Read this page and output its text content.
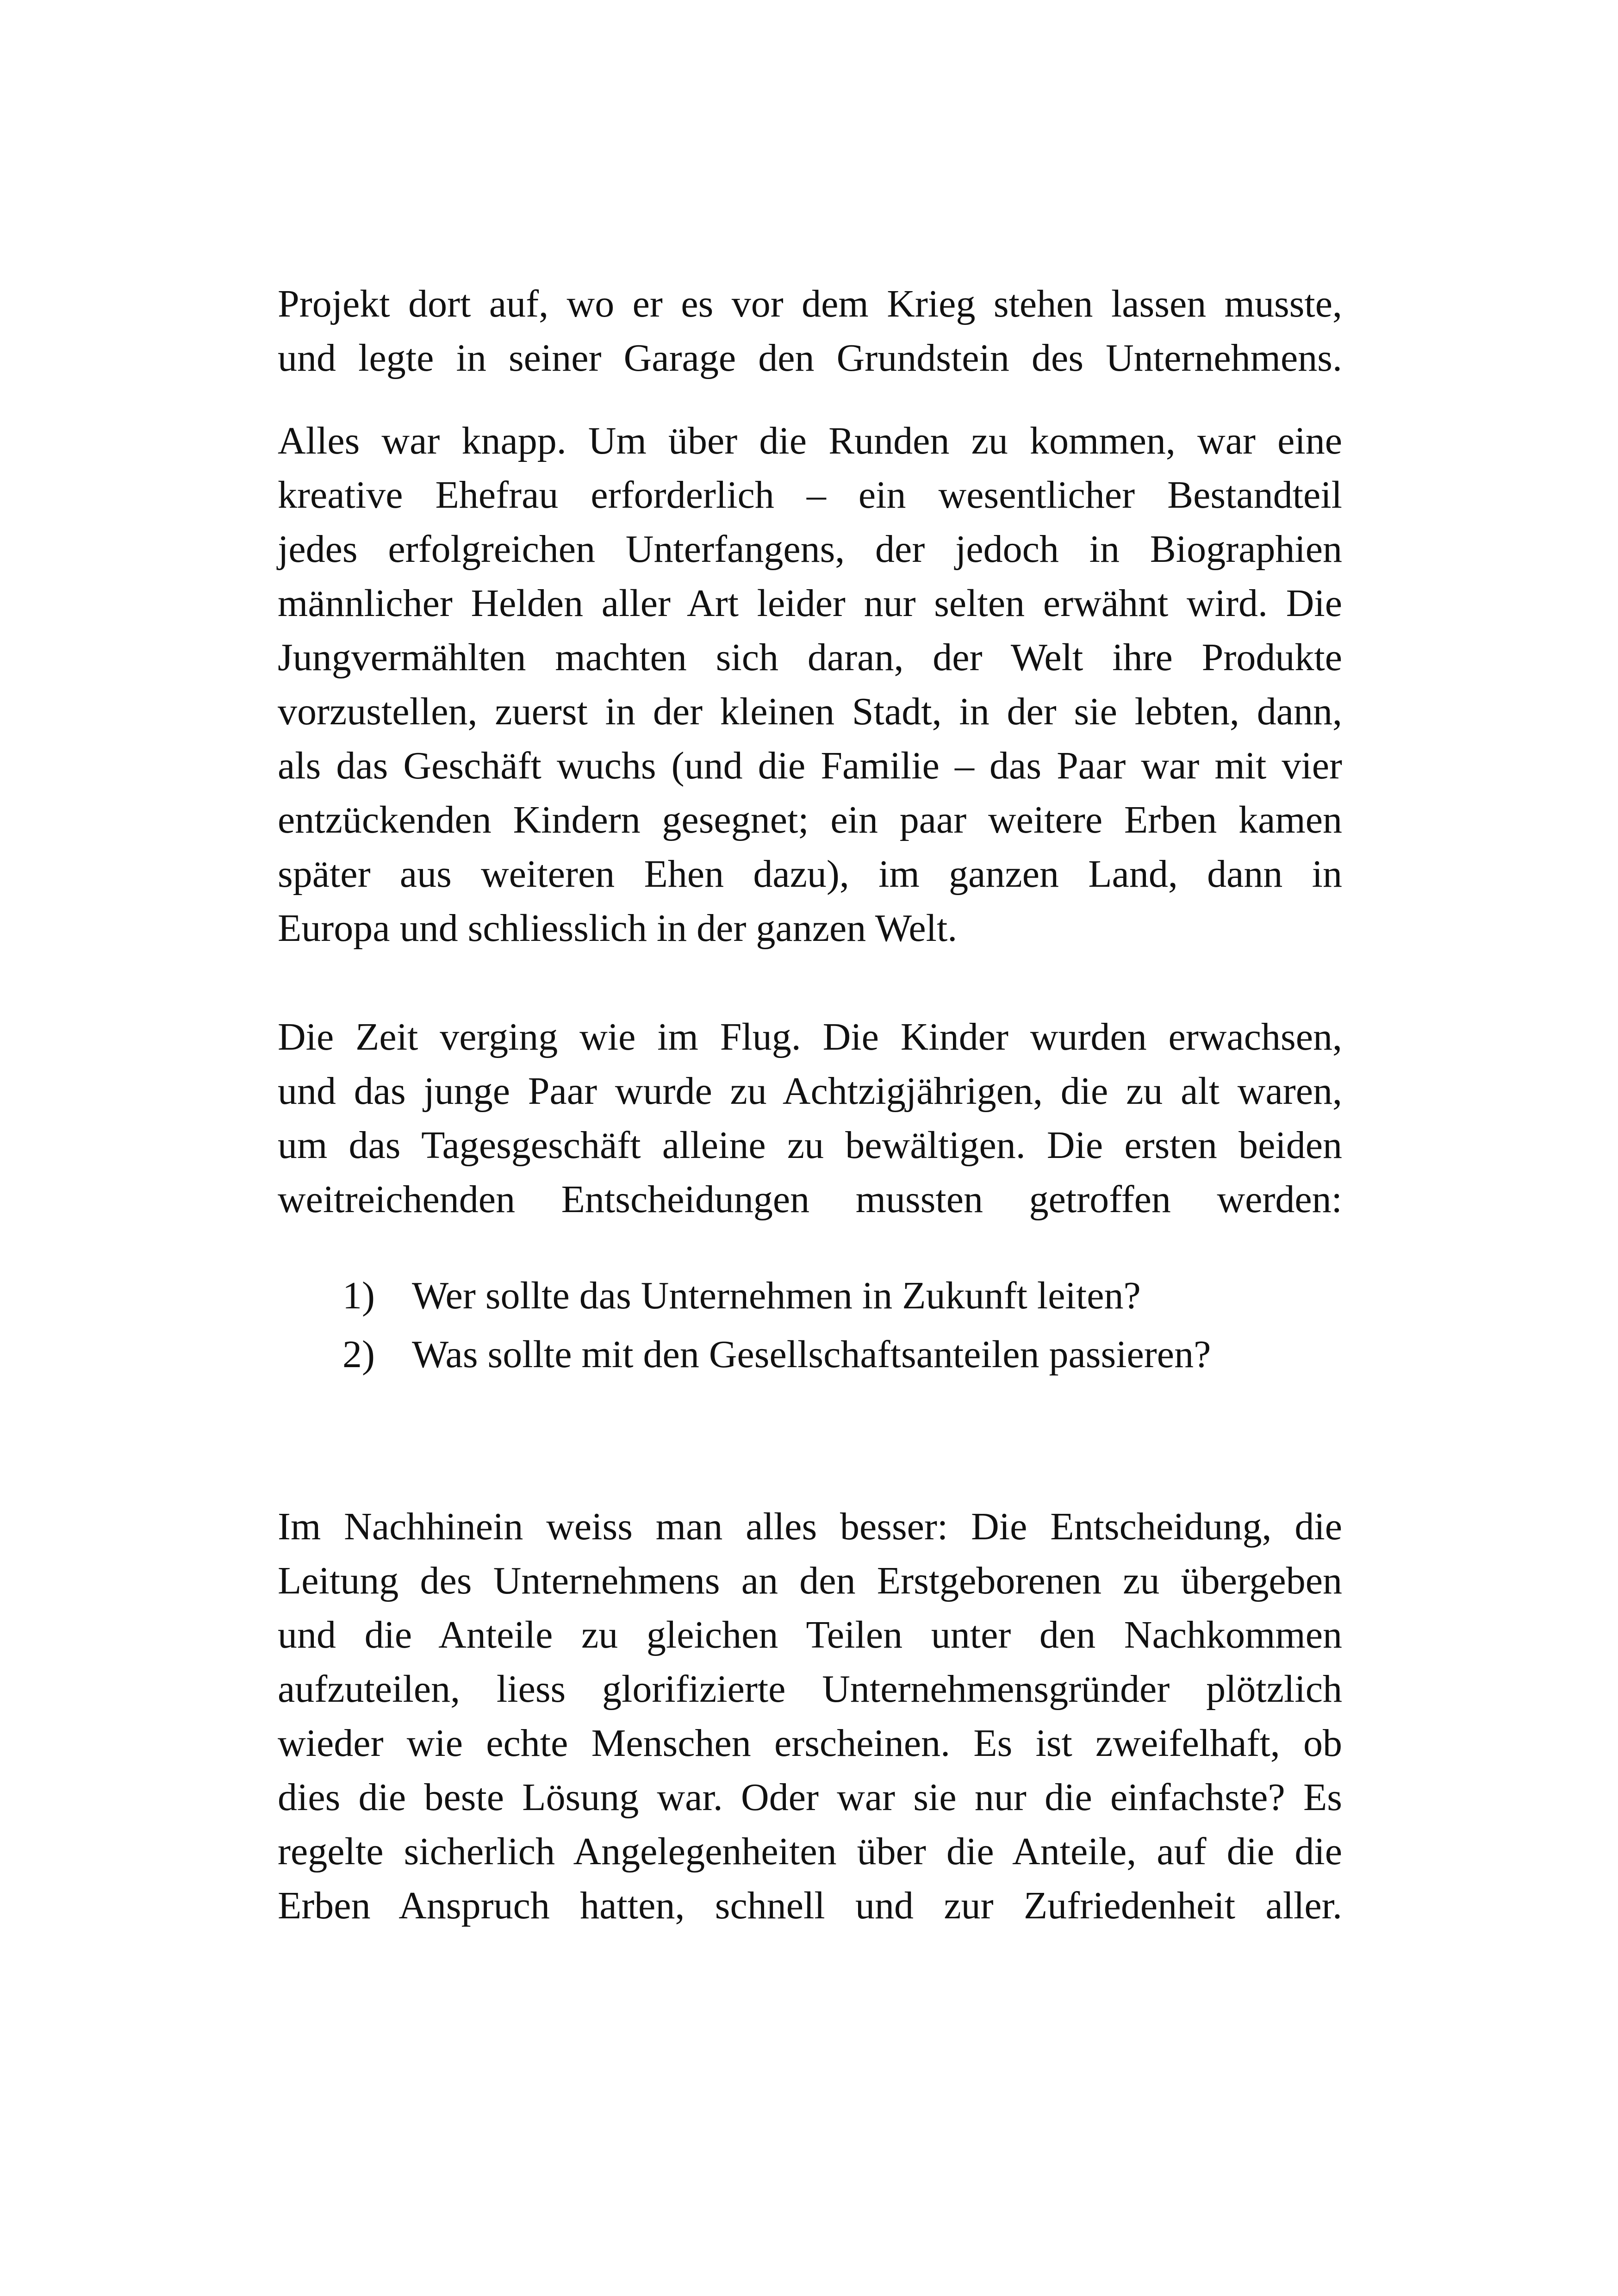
Projekt dort auf, wo er es vor dem Krieg stehen lassen musste,
und legte in seiner Garage den Grundstein des Unternehmens.
Alles war knapp. Um über die Runden zu kommen, war eine
kreative Ehefrau erforderlich – ein wesentlicher Bestandteil
jedes erfolgreichen Unterfangens, der jedoch in Biographien
männlicher Helden aller Art leider nur selten erwähnt wird. Die
Jungvermählten machten sich daran, der Welt ihre Produkte
vorzustellen, zuerst in der kleinen Stadt, in der sie lebten, dann,
als das Geschäft wuchs (und die Familie – das Paar war mit vier
entzückenden Kindern gesegnet; ein paar weitere Erben kamen
später aus weiteren Ehen dazu), im ganzen Land, dann in
Europa und schliesslich in der ganzen Welt.
Die Zeit verging wie im Flug. Die Kinder wurden erwachsen,
und das junge Paar wurde zu Achtzigjährigen, die zu alt waren,
um das Tagesgeschäft alleine zu bewältigen. Die ersten beiden
weitreichenden Entscheidungen mussten getroffen werden:
1) Wer sollte das Unternehmen in Zukunft leiten?
2) Was sollte mit den Gesellschaftsanteilen passieren?
Im Nachhinein weiss man alles besser: Die Entscheidung, die
Leitung des Unternehmens an den Erstgeborenen zu übergeben
und die Anteile zu gleichen Teilen unter den Nachkommen
aufzuteilen, liess glorifizierte Unternehmensgründer plötzlich
wieder wie echte Menschen erscheinen. Es ist zweifelhaft, ob
dies die beste Lösung war. Oder war sie nur die einfachste? Es
regelte sicherlich Angelegenheiten über die Anteile, auf die die
Erben Anspruch hatten, schnell und zur Zufriedenheit aller.
